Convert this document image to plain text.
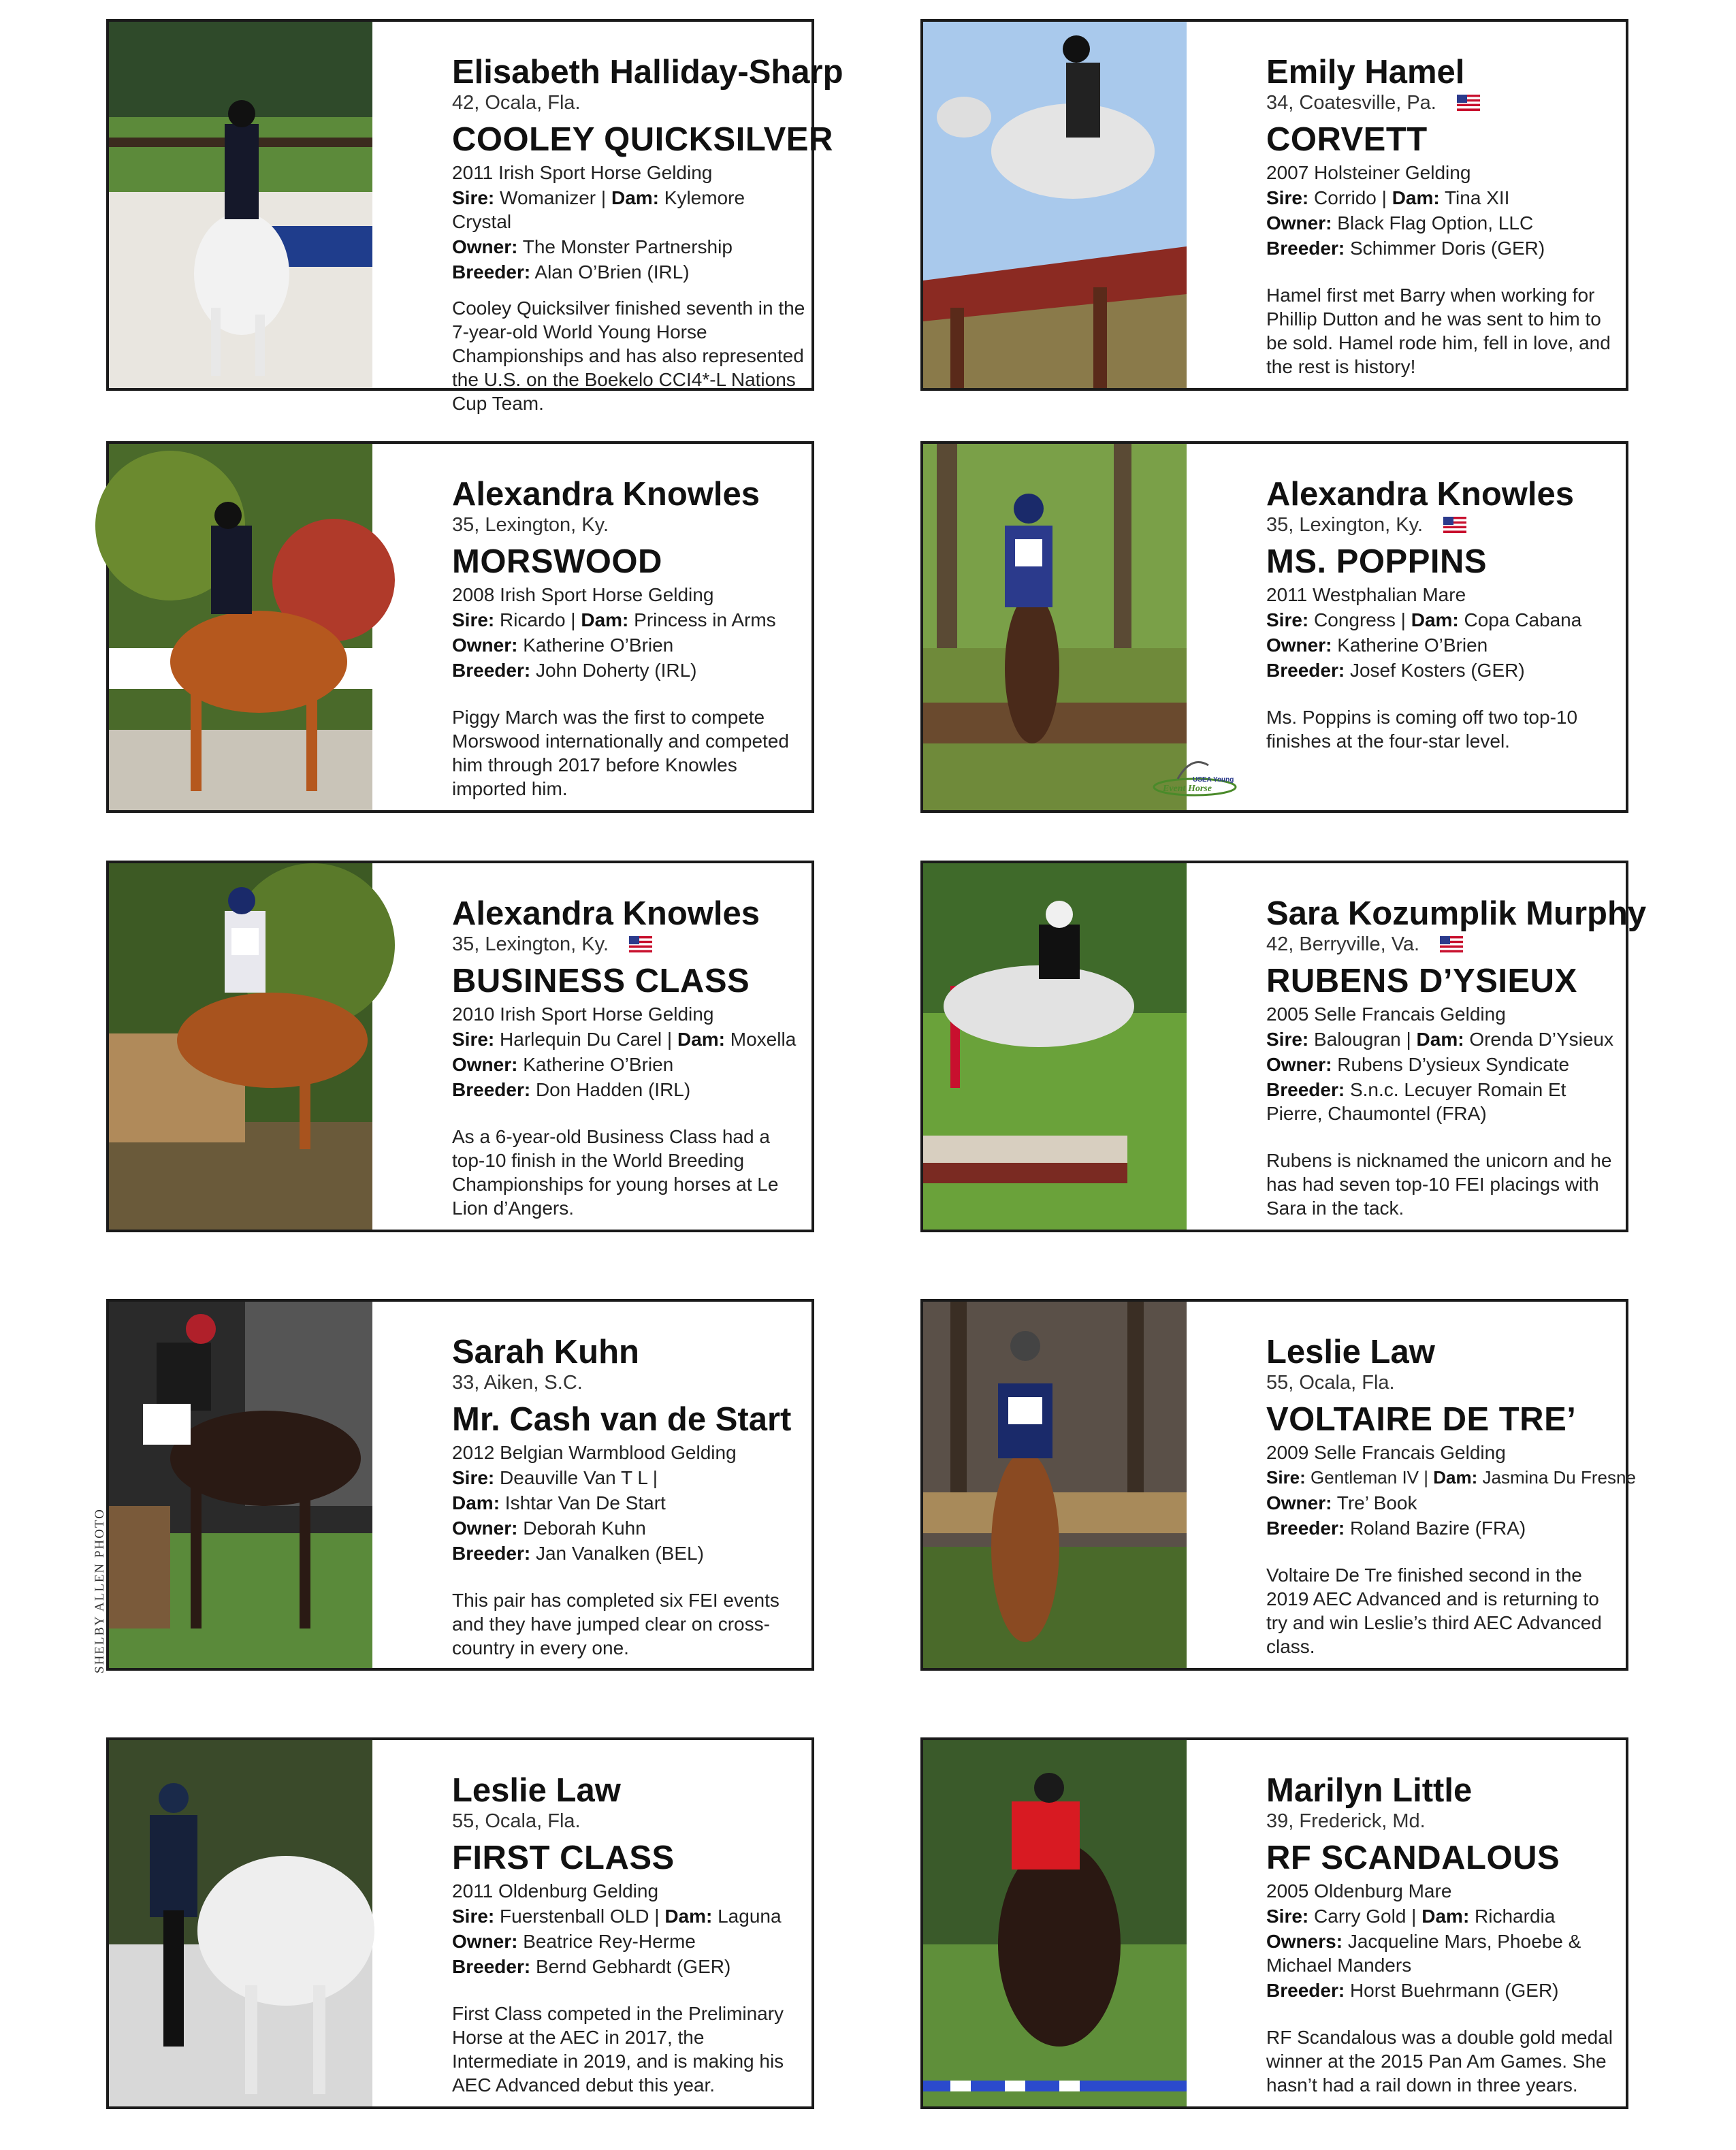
Elisabeth Halliday-Sharp
42, Ocala, Fla.
COOLEY QUICKSILVER
2011 Irish Sport Horse Gelding
Sire: Womanizer | Dam: Kylemore Crystal
Owner: The Monster Partnership
Breeder: Alan O’Brien (IRL)
Cooley Quicksilver finished seventh in the 7-year-old World Young Horse Championships and has also represented the U.S. on the Boekelo CCI4*-L Nations Cup Team.
Emily Hamel
34, Coatesville, Pa.
CORVETT
2007 Holsteiner Gelding
Sire: Corrido | Dam: Tina XII
Owner: Black Flag Option, LLC
Breeder: Schimmer Doris (GER)
Hamel first met Barry when working for Phillip Dutton and he was sent to him to be sold. Hamel rode him, fell in love, and the rest is history!
Alexandra Knowles
35, Lexington, Ky.
MORSWOOD
2008 Irish Sport Horse Gelding
Sire: Ricardo | Dam: Princess in Arms
Owner: Katherine O’Brien
Breeder: John Doherty (IRL)
Piggy March was the first to compete Morswood internationally and competed him through 2017 before Knowles imported him.	USEA Young
Event Horse
Alexandra Knowles
35, Lexington, Ky.
MS. POPPINS
2011 Westphalian Mare
Sire: Congress | Dam: Copa Cabana
Owner: Katherine O’Brien
Breeder: Josef Kosters (GER)
Ms. Poppins is coming off two top-10 finishes at the four-star level.
Alexandra Knowles
35, Lexington, Ky.
BUSINESS CLASS
2010 Irish Sport Horse Gelding
Sire: Harlequin Du Carel | Dam: Moxella
Owner: Katherine O’Brien
Breeder: Don Hadden (IRL)
As a 6-year-old Business Class had a top-10 finish in the World Breeding Championships for young horses at Le Lion d’Angers.
Sara Kozumplik Murphy
42, Berryville, Va.
RUBENS D’YSIEUX
2005 Selle Francais Gelding
Sire: Balougran | Dam: Orenda D’Ysieux
Owner: Rubens D’ysieux Syndicate
Breeder: S.n.c. Lecuyer Romain Et Pierre, Chaumontel (FRA)
Rubens is nicknamed the unicorn and he has had seven top-10 FEI placings with Sara in the tack.
Sarah Kuhn
33, Aiken, S.C.
Mr. Cash van de Start
2012 Belgian Warmblood Gelding
Sire: Deauville Van T L |
Dam: Ishtar Van De Start
Owner: Deborah Kuhn
Breeder: Jan Vanalken (BEL)
This pair has completed six FEI events and they have jumped clear on cross-country in every one.
Leslie Law
55, Ocala, Fla.
VOLTAIRE DE TRE’
2009 Selle Francais Gelding
Sire: Gentleman IV | Dam: Jasmina Du Fresne
Owner: Tre’ Book
Breeder: Roland Bazire (FRA)
Voltaire De Tre finished second in the 2019 AEC Advanced and is returning to try and win Leslie’s third AEC Advanced class.
Leslie Law
55, Ocala, Fla.
FIRST CLASS
2011 Oldenburg Gelding
Sire: Fuerstenball OLD | Dam: Laguna
Owner: Beatrice Rey-Herme
Breeder: Bernd Gebhardt (GER)
First Class competed in the Preliminary Horse at the AEC in 2017, the Intermediate in 2019, and is making his AEC Advanced debut this year.
Marilyn Little
39, Frederick, Md.
RF SCANDALOUS
2005 Oldenburg Mare
Sire: Carry Gold | Dam: Richardia
Owners: Jacqueline Mars, Phoebe & Michael Manders
Breeder: Horst Buehrmann (GER)
RF Scandalous was a double gold medal winner at the 2015 Pan Am Games. She hasn’t had a rail down in three years.
SHELBY ALLEN PHOTO
